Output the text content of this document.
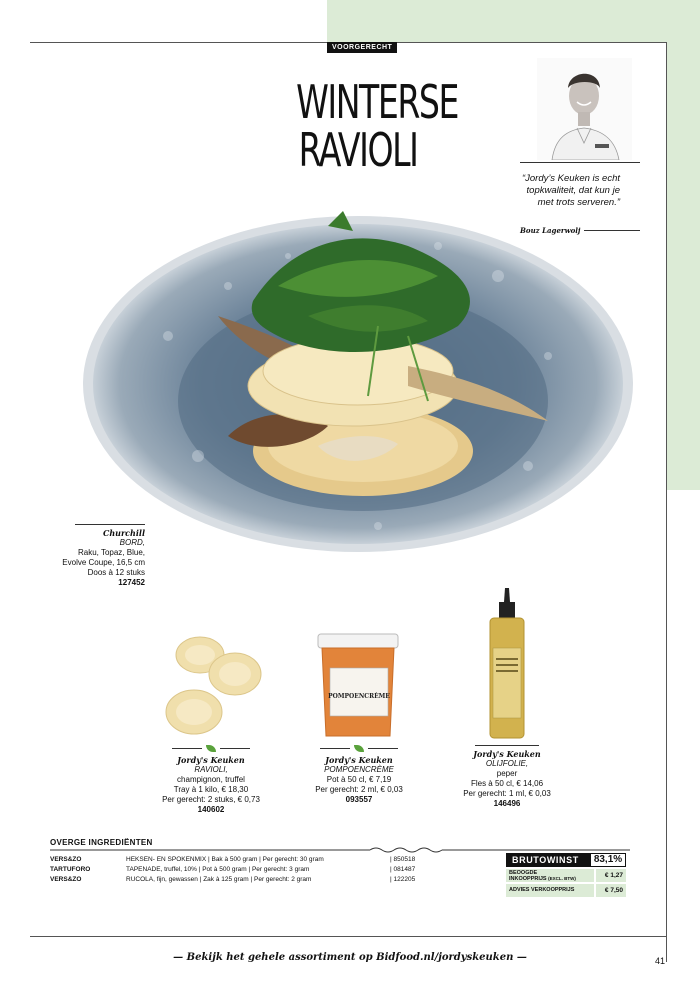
VOORGERECHT
WINTERSE
RAVIOLI
“Jordy’s Keuken is echt topkwaliteit, dat kun je met trots serveren.”
Bouz Lagerwolj
Churchill
BORD,
Raku, Topaz, Blue,
Evolve Coupe, 16,5 cm
Doos à 12 stuks
127452
POMPOENCRÈME
Jordy's Keuken
RAVIOLI,
champignon, truffel
Tray à 1 kilo, € 18,30
Per gerecht: 2 stuks, € 0,73
140602
Jordy's Keuken
POMPOENCRÈME
Pot à 50 cl, € 7,19
Per gerecht: 2 ml, € 0,03
093557
Jordy's Keuken
OLIJFOLIE,
peper
Fles à 50 cl, € 14,06
Per gerecht: 1 ml, € 0,03
146496
OVERGE INGREDIËNTEN
VERS&ZO	HEKSEN- EN SPOKENMIX | Bak à 500 gram | Per gerecht: 30 gram	| 850518
TARTUFORO	TAPENADE, truffel, 10% | Pot à 500 gram | Per gerecht: 3 gram	| 081487
VERS&ZO	RUCOLA, fijn, gewassen | Zak à 125 gram | Per gerecht: 2 gram	| 122205
BRUTOWINST	83,1%
BEOOGDE
INKOOPPRIJS (EXCL. BTW)	€ 1,27
ADVIES VERKOOPPRIJS	€ 7,50
— Bekijk het gehele assortiment op Bidfood.nl/jordyskeuken —	41
